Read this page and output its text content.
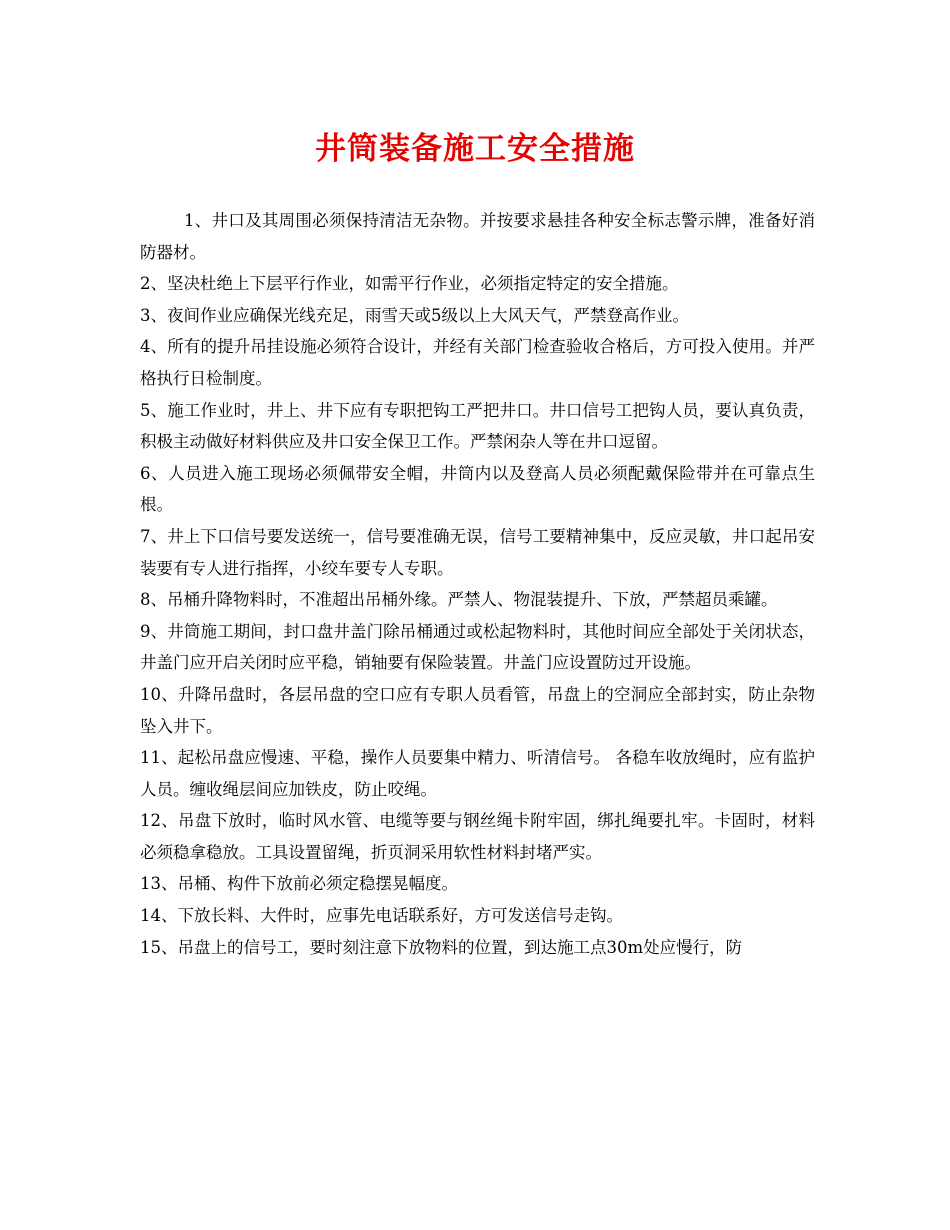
井筒装备施工安全措施

1、井口及其周围必须保持清洁无杂物。并按要求悬挂各种安全标志警示牌，准备好消防器材。

2、坚决杜绝上下层平行作业，如需平行作业，必须指定特定的安全措施。

3、夜间作业应确保光线充足，雨雪天或5级以上大风天气，严禁登高作业。

4、所有的提升吊挂设施必须符合设计，并经有关部门检查验收合格后，方可投入使用。并严格执行日检制度。

5、施工作业时，井上、井下应有专职把钩工严把井口。井口信号工把钩人员，要认真负责，积极主动做好材料供应及井口安全保卫工作。严禁闲杂人等在井口逗留。

6、人员进入施工现场必须佩带安全帽，井筒内以及登高人员必须配戴保险带并在可靠点生根。

7、井上下口信号要发送统一，信号要准确无误，信号工要精神集中，反应灵敏，井口起吊安装要有专人进行指挥，小绞车要专人专职。

8、吊桶升降物料时，不准超出吊桶外缘。严禁人、物混装提升、下放，严禁超员乘罐。

9、井筒施工期间，封口盘井盖门除吊桶通过或松起物料时，其他时间应全部处于关闭状态，井盖门应开启关闭时应平稳，销轴要有保险装置。井盖门应设置防过开设施。

10、升降吊盘时，各层吊盘的空口应有专职人员看管，吊盘上的空洞应全部封实，防止杂物坠入井下。

11、起松吊盘应慢速、平稳，操作人员要集中精力、听清信号。 各稳车收放绳时，应有监护人员。缠收绳层间应加铁皮，防止咬绳。

12、吊盘下放时，临时风水管、电缆等要与钢丝绳卡附牢固，绑扎绳要扎牢。卡固时，材料必须稳拿稳放。工具设置留绳，折页洞采用软性材料封堵严实。

13、吊桶、构件下放前必须定稳摆晃幅度。

14、下放长料、大件时，应事先电话联系好，方可发送信号走钩。

15、吊盘上的信号工，要时刻注意下放物料的位置，到达施工点30m处应慢行，防
